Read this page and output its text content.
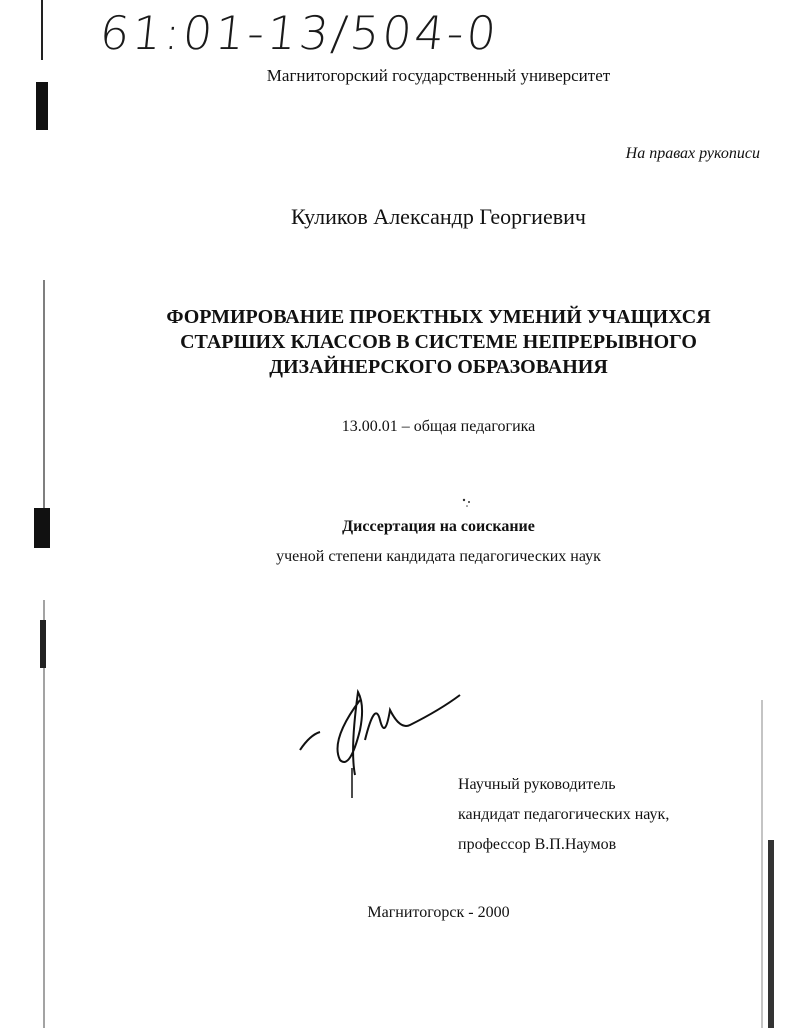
61:01-13/504-0
Магнитогорский государственный университет
На правах рукописи
Куликов Александр Георгиевич
ФОРМИРОВАНИЕ ПРОЕКТНЫХ УМЕНИЙ УЧАЩИХСЯ
СТАРШИХ КЛАССОВ В СИСТЕМЕ НЕПРЕРЫВНОГО
ДИЗАЙНЕРСКОГО ОБРАЗОВАНИЯ
13.00.01 – общая педагогика
Диссертация на соискание
ученой степени кандидата педагогических наук
Научный руководитель
кандидат педагогических наук,
профессор В.П.Наумов
Магнитогорск - 2000
